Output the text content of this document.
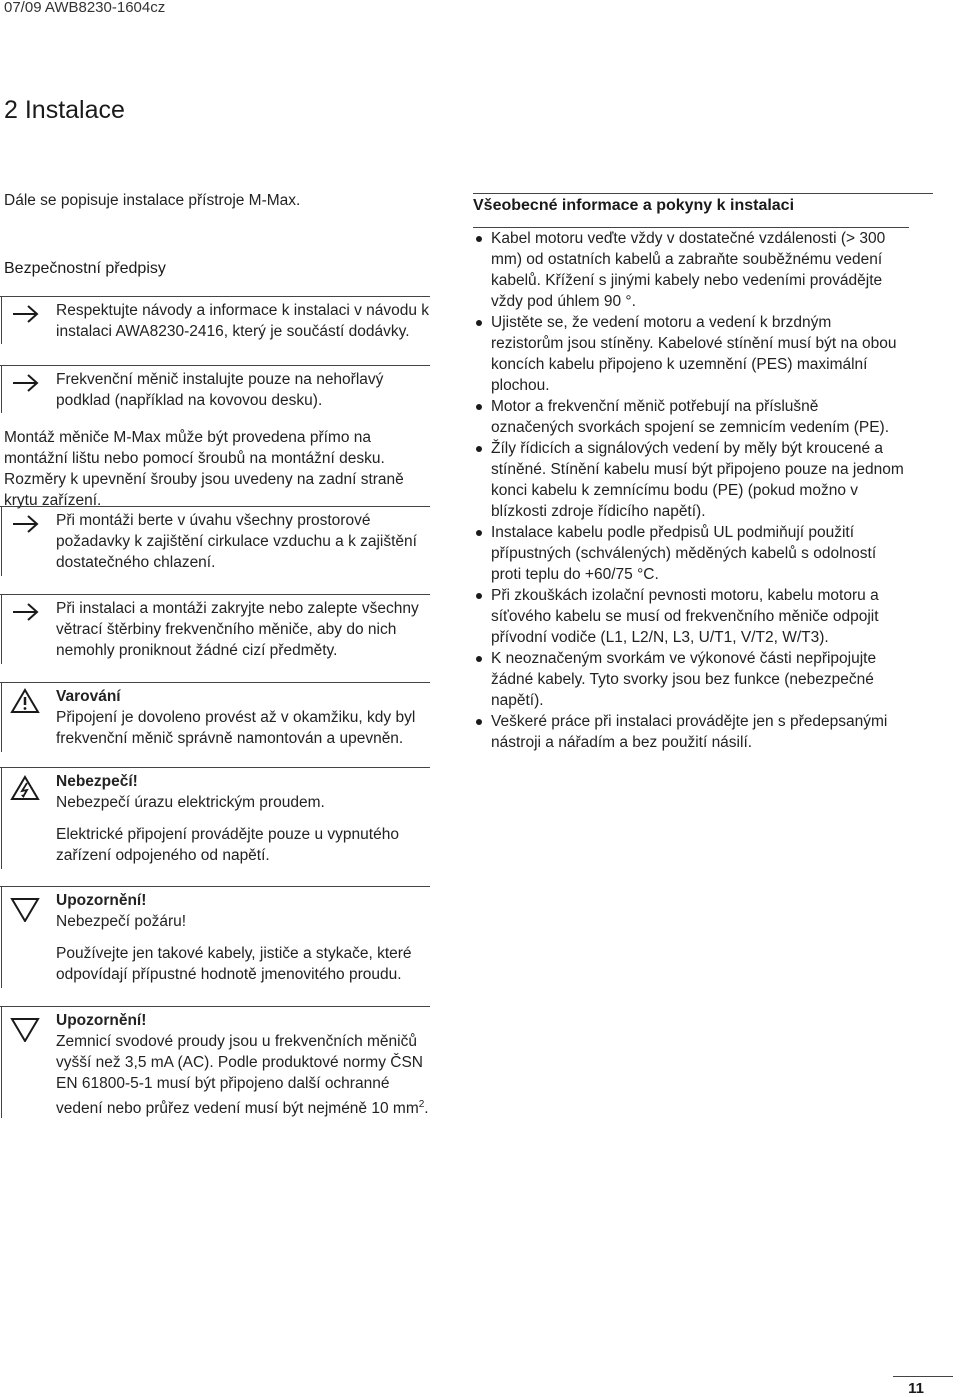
07/09 AWB8230-1604cz
2 Instalace
Dále se popisuje instalace přístroje M-Max.
Bezpečnostní předpisy
Respektujte návody a informace k instalaci v návodu k instalaci AWA8230-2416, který je součástí dodávky.
Frekvenční měnič instalujte pouze na nehořlavý podklad (například na kovovou desku).
Montáž měniče M-Max může být provedena přímo na montážní lištu nebo pomocí šroubů na montážní desku. Rozměry k upevnění šrouby jsou uvedeny na zadní straně krytu zařízení.
Při montáži berte v úvahu všechny prostorové požadavky k zajištění cirkulace vzduchu a k zajištění dostatečného chlazení.
Při instalaci a montáži zakryjte nebo zalepte všechny větrací štěrbiny frekvenčního měniče, aby do nich nemohly proniknout žádné cizí předměty.

Varování

Připojení je dovoleno provést až v okamžiku, kdy byl frekvenční měnič správně namontován a upevněn.

Nebezpečí!

Nebezpečí úrazu elektrickým proudem.

Elektrické připojení provádějte pouze u vypnutého zařízení odpojeného od napětí.

Upozornění!

Nebezpečí požáru!

Používejte jen takové kabely, jističe a stykače, které odpovídají přípustné hodnotě jmenovitého proudu.

Upozornění!

Zemnicí svodové proudy jsou u frekvenčních měničů vyšší než 3,5 mA (AC). Podle produktové normy ČSN EN 61800-5-1 musí být připojeno další ochranné vedení nebo průřez vedení musí být nejméně 10 $mm^2$.

Všeobecné informace a pokyny k instalaci
Kabel motoru veďte vždy v dostatečné vzdálenosti (> 300 mm) od ostatních kabelů a zabraňte souběžnému vedení kabelů. Křížení s jinými kabely nebo vedeními provádějte vždy pod úhlem 90 °.
Ujistěte se, že vedení motoru a vedení k brzdným rezistorům jsou stíněny. Kabelové stínění musí být na obou koncích kabelu připojeno k uzemnění (PES) maximální plochou.
Motor a frekvenční měnič potřebují na příslušně označených svorkách spojení se zemnicím vedením (PE).
Žíly řídicích a signálových vedení by měly být kroucené a stíněné. Stínění kabelu musí být připojeno pouze na jednom konci kabelu k zemnícímu bodu (PE) (pokud možno v blízkosti zdroje řídicího napětí).
Instalace kabelu podle předpisů UL podmiňují použití přípustných (schválených) měděných kabelů s odolností proti teplu do +60/75 °C.
Při zkouškách izolační pevnosti motoru, kabelu motoru a síťového kabelu se musí od frekvenčního měniče odpojit přívodní vodiče (L1, L2/N, L3, U/T1, V/T2, W/T3).
K neoznačeným svorkám ve výkonové části nepřipojujte žádné kabely. Tyto svorky jsou bez funkce (nebezpečné napětí).
Veškeré práce při instalaci provádějte jen s předepsanými nástroji a nářadím a bez použití násilí.
11
